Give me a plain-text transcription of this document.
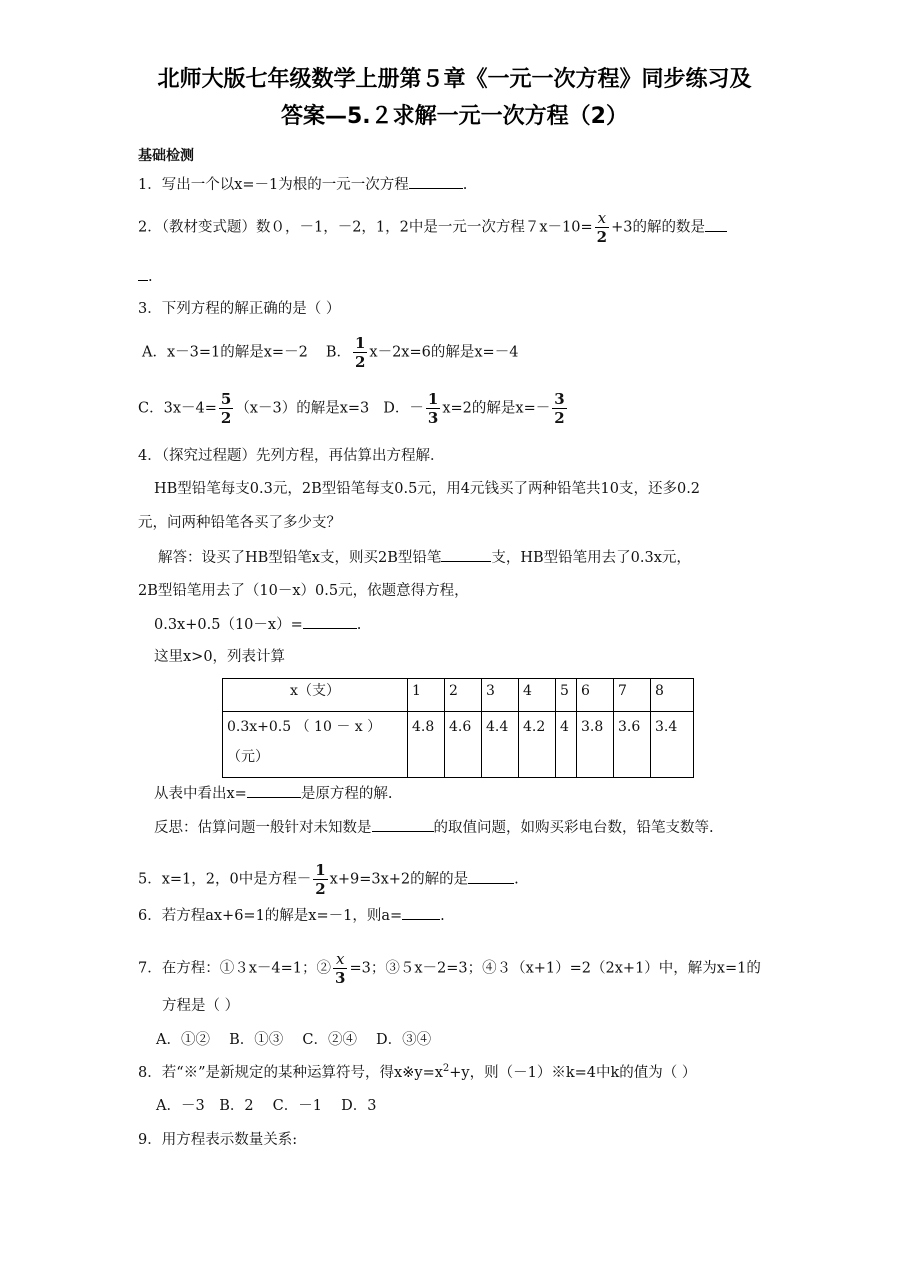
北师大版七年级数学上册第５章《一元一次方程》同步练习及
答案—5.２求解一元一次方程（2）
基础检测
1．写出一个以x=－1为根的一元一次方程	.
2．（教材变式题）数０，－1，－2，1，2中是一元一次方程$7x-10= \frac{x}{2} +3$的解的数是
.
3．下列方程的解正确的是（ ）
A．x－3=1的解是x=－2 B． $\frac{1}{2} x-2x=6$的解是x=－4
C．$3x-4= \frac{5}{2} (x-3)$的解是x=3 D．－ $\frac{1}{3} x=2$的解是$x=- \frac{3}{2}$
4．（探究过程题）先列方程，再估算出方程解．
HB型铅笔每支0.3元，2B型铅笔每支0.5元，用4元钱买了两种铅笔共10支，还多0.2
元，问两种铅笔各买了多少支？
解答：设买了HB型铅笔x支，则买2B型铅笔	支，HB型铅笔用去了0.3x元，
2B型铅笔用去了（10－x）0.5元，依题意得方程，
0.3x+0.5（10－x）=	.
这里x>0，列表计算
x（支）	1	2	3	4	5	6	7	8

0.3x+0.5 （ 10 － x ）
（元）	4.8	4.6	4.4	4.2	4	3.8	3.6	3.4
从表中看出x=	是原方程的解.
反思：估算问题一般针对未知数是	的取值问题，如购买彩电台数，铅笔支数等.
5．x=1，2，0中是方程－ $\frac{1}{2} x+9=3x+2$的解的是	.
6．若方程ax+6=1的解是x=－1，则a=	.
7．在方程：①３x－4=1；② $\frac{x}{3} =3$；③５x－2=3；④３（x+1）=2（2x+1）中，解为x=1的
方程是（ ）
A．①②　 B．①③　 C．②④　 D．③④
8．若“※”是新规定的某种运算符号，得$x※y=x^2+y$，则（－1）※k=4中k的值为（ ）
A．－3　B．2　 C．－1　 D．3
9．用方程表示数量关系:
